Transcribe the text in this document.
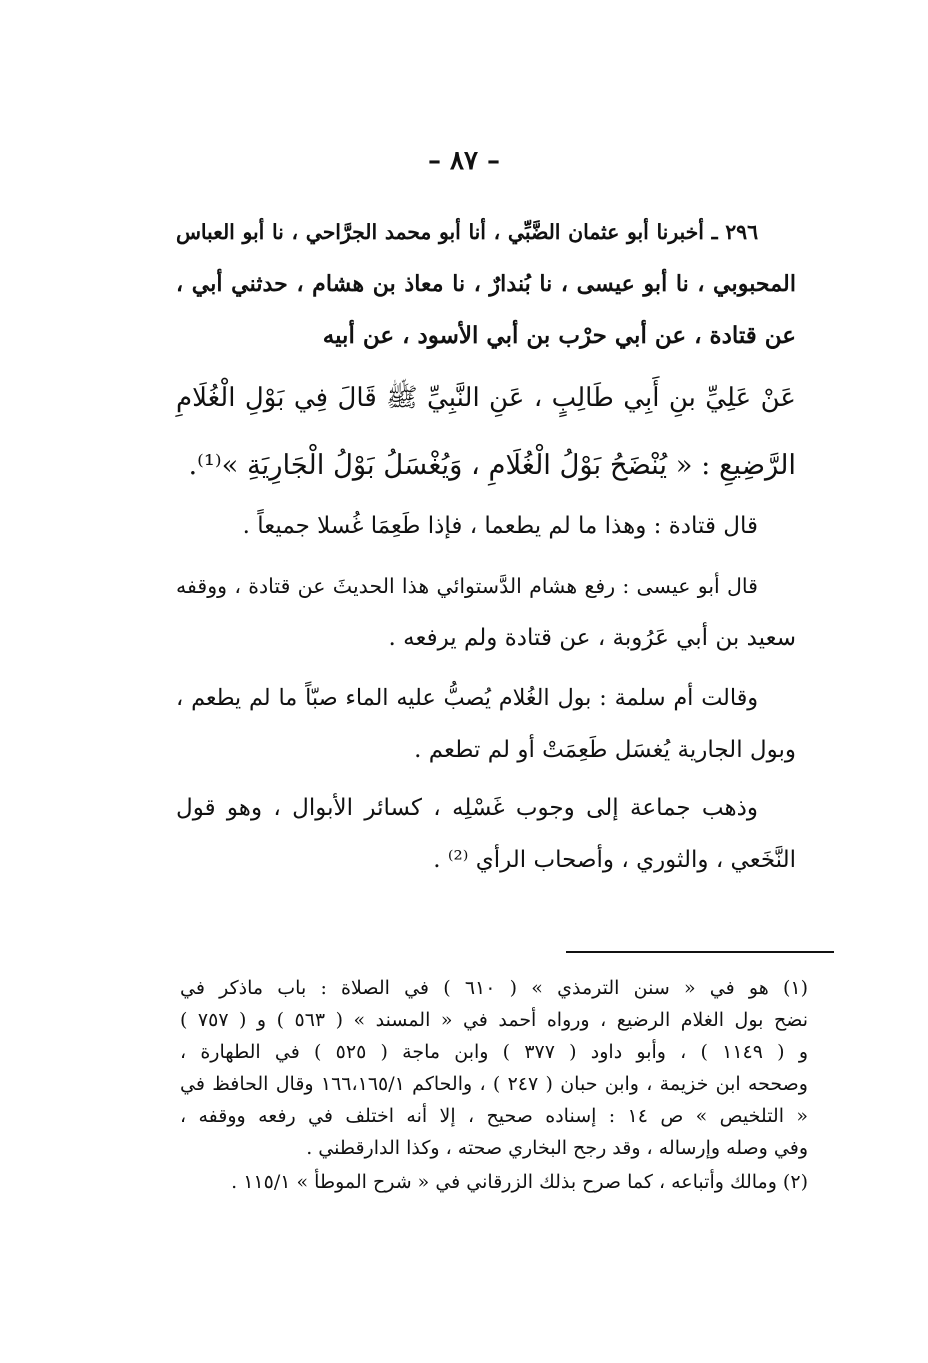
– ٨٧ –
٢٩٦ ـ أخبرنا أبو عثمان الضَّبِّي ، أنا أبو محمد الجرَّاحي ، نا أبو العباس
المحبوبي ، نا أبو عيسى ، نا بُندارٌ ، نا معاذ بن هشام ، حدثني أبي ،
عن قتادة ، عن أبي حرْب بن أبي الأسود ، عن أبيه
عَنْ عَلِيِّ بنِ أَبِي طَالِبٍ ، عَنِ النَّبِيِّ ﷺ قَالَ فِي بَوْلِ الْغُلَامِ
الرَّضِيعِ : « يُنْضَحُ بَوْلُ الْغُلَامِ ، وَيُغْسَلُ بَوْلُ الْجَارِيَةِ »⁽¹⁾.
قال قتادة : وهذا ما لم يطعما ، فإذا طَعِمَا غُسلا جميعاً .
قال أبو عيسى : رفع هشام الدَّستوائي هذا الحديثَ عن قتادة ، ووقفه
سعيد بن أبي عَرُوبة ، عن قتادة ولم يرفعه .
وقالت أم سلمة : بول الغُلام يُصبُّ عليه الماء صبّاً ما لم يطعم ،
وبول الجارية يُغسَل طَعِمَتْ أو لم تطعم .
وذهب جماعة إلى وجوب غَسْلِه ، كسائر الأبوال ، وهو قول
النَّخَعي ، والثوري ، وأصحاب الرأي ⁽²⁾ .
(١) هو في « سنن الترمذي » ( ٦١٠ ) في الصلاة : باب ماذكر في
نضح بول الغلام الرضيع ، ورواه أحمد في « المسند » ( ٥٦٣ ) و ( ٧٥٧ )
و ( ١١٤٩ ) ، وأبو داود ( ٣٧٧ ) وابن ماجة ( ٥٢٥ ) في الطهارة ،
وصححه ابن خزيمة ، وابن حبان ( ٢٤٧ ) ، والحاكم ١٦٦،١٦٥/١ وقال الحافظ في
« التلخيص » ص ١٤ : إسناده صحيح ، إلا أنه اختلف في رفعه ووقفه ،
وفي وصله وإرساله ، وقد رجح البخاري صحته ، وكذا الدارقطني .
(٢) ومالك وأتباعه ، كما صرح بذلك الزرقاني في « شرح الموطأ » ١١٥/١ .
